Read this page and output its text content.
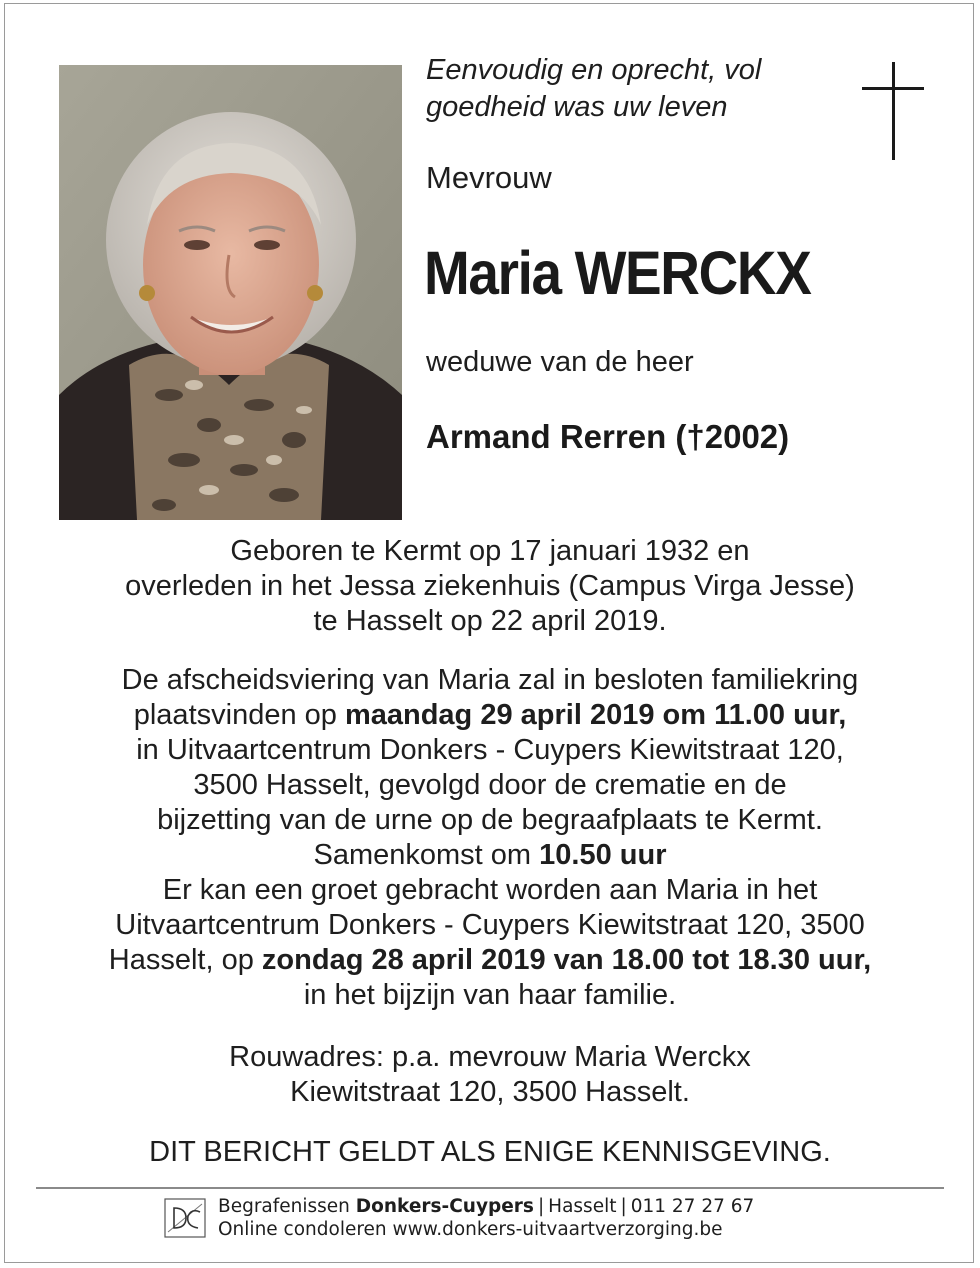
Eenvoudig en oprecht, vol
goedheid was uw leven
Mevrouw
Maria WERCKX
weduwe van de heer
Armand Rerren (†2002)

Geboren te Kermt op 17 januari 1932 en

overleden in het Jessa ziekenhuis (Campus Virga Jesse)

te Hasselt op 22 april 2019.

De afscheidsviering van Maria zal in besloten familiekring

plaatsvinden op maandag 29 april 2019 om 11.00 uur,

in Uitvaartcentrum Donkers - Cuypers Kiewitstraat 120,

3500 Hasselt, gevolgd door de crematie en de

bijzetting van de urne op de begraafplaats te Kermt.

Samenkomst om 10.50 uur

Er kan een groet gebracht worden aan Maria in het

Uitvaartcentrum Donkers - Cuypers Kiewitstraat 120, 3500

Hasselt, op zondag 28 april 2019 van 18.00 tot 18.30 uur,

in het bijzijn van haar familie.

Rouwadres: p.a. mevrouw Maria Werckx

Kiewitstraat 120, 3500 Hasselt.

DIT BERICHT GELDT ALS ENIGE KENNISGEVING.

Begrafenissen Donkers-Cuypers | Hasselt | 011 27 27 67
Online condoleren www.donkers-uitvaartverzorging.be
